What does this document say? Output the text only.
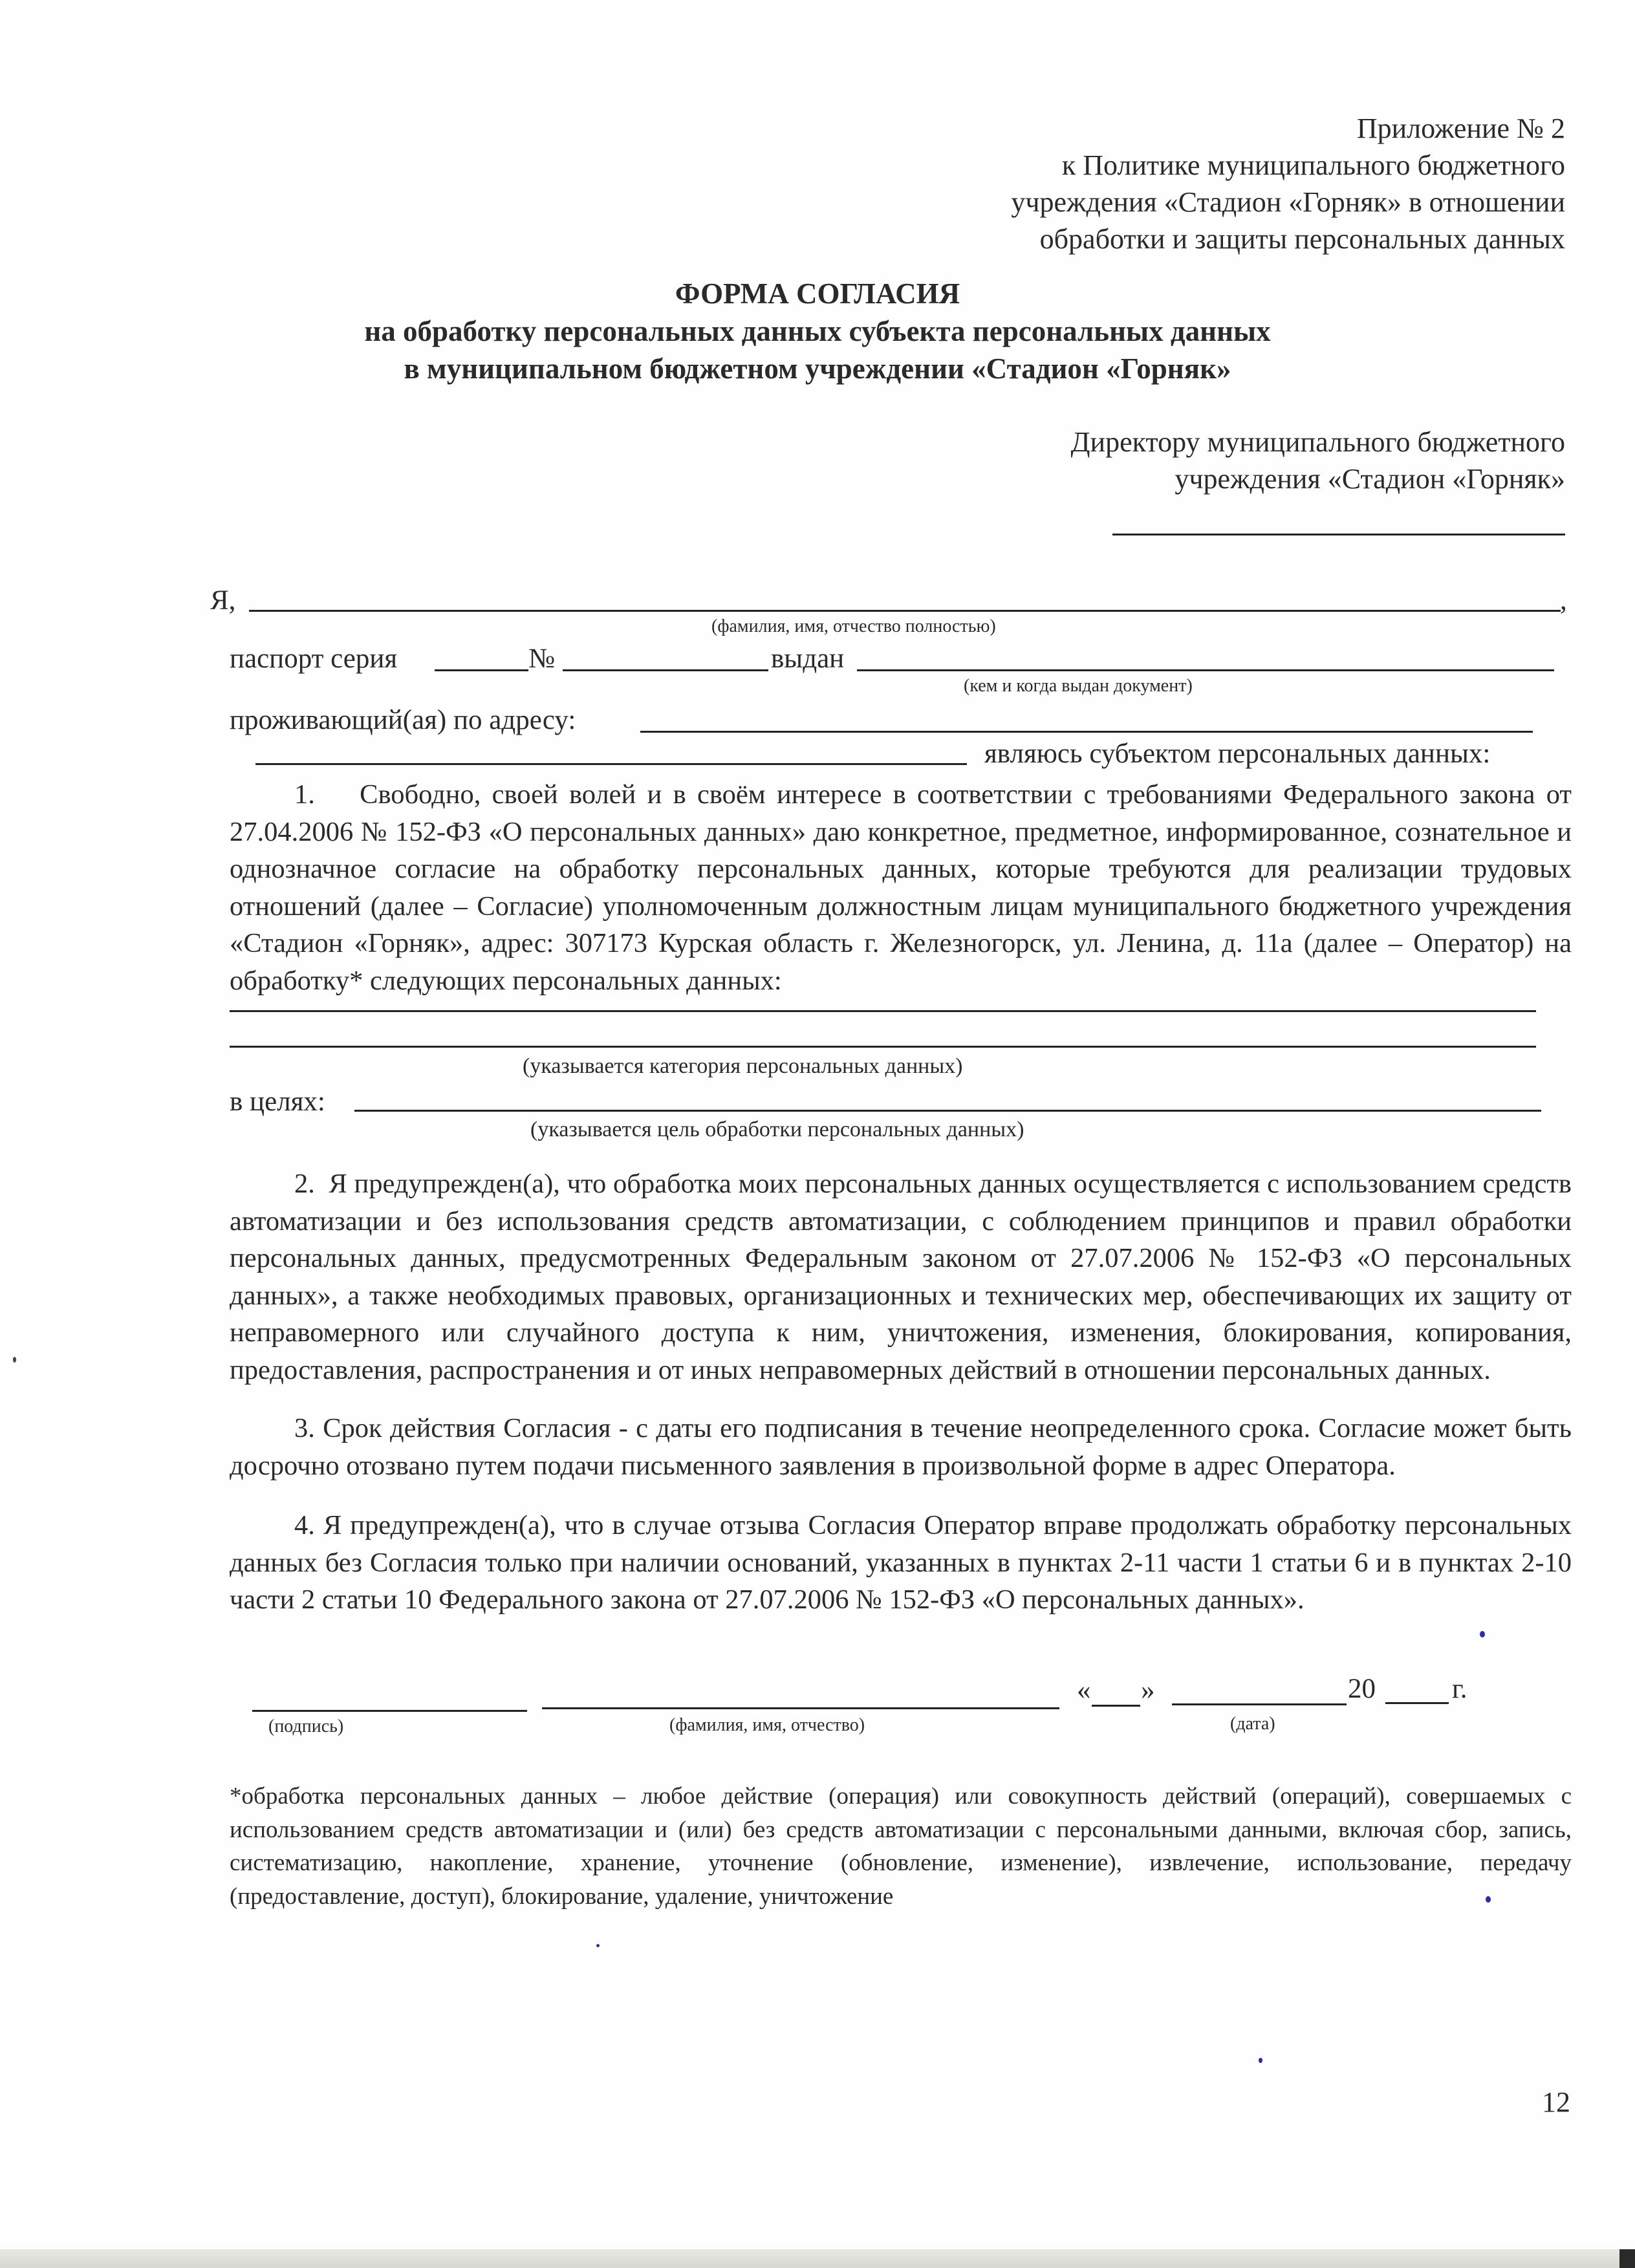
Приложение № 2
к Политике муниципального бюджетного
учреждения «Стадион «Горняк» в отношении
обработки и защиты персональных данных
ФОРМА СОГЛАСИЯ
на обработку персональных данных субъекта персональных данных
в муниципальном бюджетном учреждении «Стадион «Горняк»
Директору муниципального бюджетного
учреждения «Стадион «Горняк»
Я,	,
(фамилия, имя, отчество полностью)
паспорт серия	№	выдан
(кем и когда выдан документ)
проживающий(ая) по адресу:
являюсь субъектом персональных данных:
1. Свободно, своей волей и в своём интересе в соответствии с требованиями Федерального закона от 27.04.2006 № 152-ФЗ «О персональных данных» даю конкретное, предметное, информированное, сознательное и однозначное согласие на обработку персональных данных, которые требуются для реализации трудовых отношений (далее – Согласие) уполномоченным должностным лицам муниципального бюджетного учреждения «Стадион «Горняк», адрес: 307173 Курская область г. Железногорск, ул. Ленина, д. 11а (далее – Оператор) на обработку* следующих персональных данных:
(указывается категория персональных данных)
в целях:
(указывается цель обработки персональных данных)
2. Я предупрежден(а), что обработка моих персональных данных осуществляется с использованием средств автоматизации и без использования средств автоматизации, с соблюдением принципов и правил обработки персональных данных, предусмотренных Федеральным законом от 27.07.2006 № 152-ФЗ «О персональных данных», а также необходимых правовых, организационных и технических мер, обеспечивающих их защиту от неправомерного или случайного доступа к ним, уничтожения, изменения, блокирования, копирования, предоставления, распространения и от иных неправомерных действий в отношении персональных данных.
3. Срок действия Согласия - с даты его подписания в течение неопределенного срока. Согласие может быть досрочно отозвано путем подачи письменного заявления в произвольной форме в адрес Оператора.
4. Я предупрежден(а), что в случае отзыва Согласия Оператор вправе продолжать обработку персональных данных без Согласия только при наличии оснований, указанных в пунктах 2-11 части 1 статьи 6 и в пунктах 2-10 части 2 статьи 10 Федерального закона от 27.07.2006 № 152-ФЗ «О персональных данных».
« »	20	г.
(подпись)	(фамилия, имя, отчество)	(дата)
*обработка персональных данных – любое действие (операция) или совокупность действий (операций), совершаемых с использованием средств автоматизации и (или) без средств автоматизации с персональными данными, включая сбор, запись, систематизацию, накопление, хранение, уточнение (обновление, изменение), извлечение, использование, передачу (предоставление, доступ), блокирование, удаление, уничтожение
12
